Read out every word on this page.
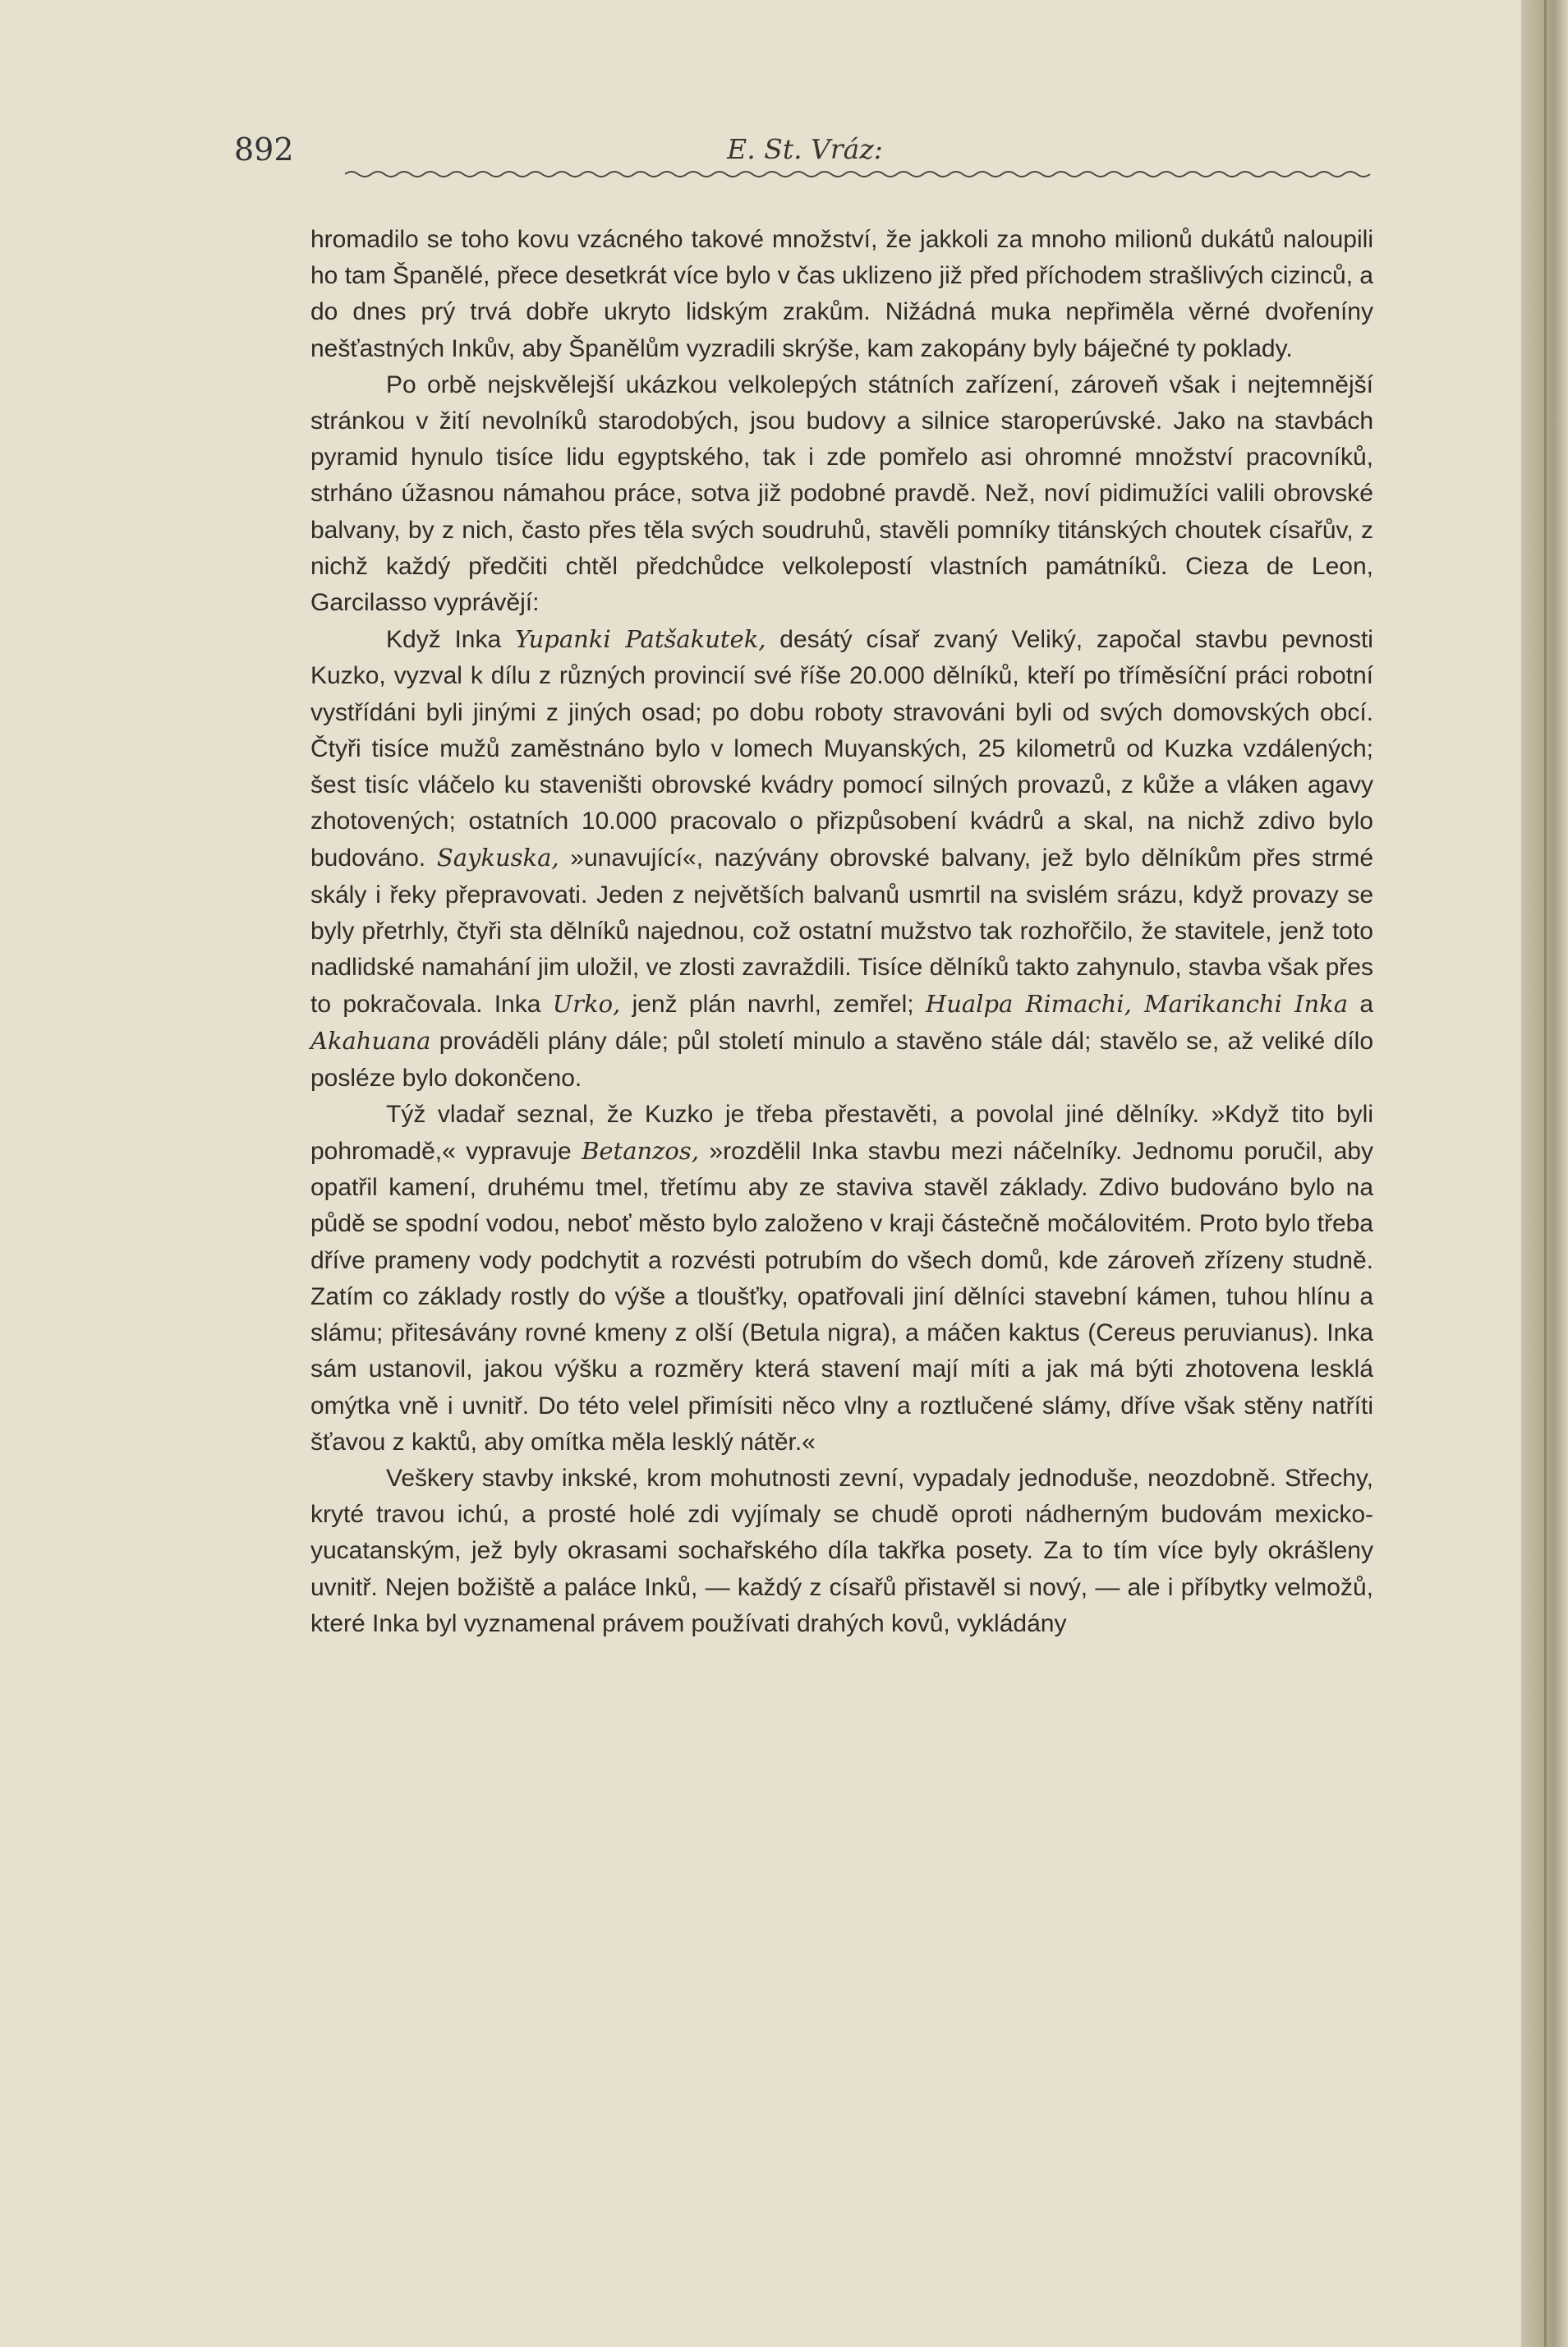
892	E. St. Vráz:

hromadilo se toho kovu vzácného takové množství, že jakkoli za mnoho milionů dukátů naloupili ho tam Španělé, přece desetkrát více bylo v čas uklizeno již před příchodem strašlivých cizinců, a do dnes prý trvá dobře ukryto lidským zrakům. Nižádná muka nepřiměla věrné dvořeníny nešťastných Inkův, aby Španělům vyzradili skrýše, kam zakopány byly báječné ty poklady.

Po orbě nejskvělejší ukázkou velkolepých státních zařízení, zároveň však i nejtemnější stránkou v žití nevolníků starodobých, jsou budovy a silnice staroperúvské. Jako na stavbách pyramid hynulo tisíce lidu egyptského, tak i zde pomřelo asi ohromné množství pracovníků, strháno úžasnou námahou práce, sotva již podobné pravdě. Než, noví pidimužíci valili obrovské balvany, by z nich, často přes těla svých soudruhů, stavěli pomníky titánských choutek císařův, z nichž každý předčiti chtěl předchůdce velkolepostí vlastních památníků. Cieza de Leon, Garcilasso vyprávějí:

Když Inka Yupanki Patšakutek, desátý císař zvaný Veliký, započal stavbu pevnosti Kuzko, vyzval k dílu z různých provincií své říše 20.000 dělníků, kteří po tříměsíční práci robotní vystřídáni byli jinými z jiných osad; po dobu roboty stravováni byli od svých domovských obcí. Čtyři tisíce mužů zaměstnáno bylo v lomech Muyanských, 25 kilometrů od Kuzka vzdálených; šest tisíc vláčelo ku staveništi obrovské kvádry pomocí silných provazů, z kůže a vláken agavy zhotovených; ostatních 10.000 pracovalo o přizpůsobení kvádrů a skal, na nichž zdivo bylo budováno. Saykuska, »unavující«, nazývány obrovské balvany, jež bylo dělníkům přes strmé skály i řeky přepravovati. Jeden z největších balvanů usmrtil na svislém srázu, když provazy se byly přetrhly, čtyři sta dělníků najednou, což ostatní mužstvo tak rozhořčilo, že stavitele, jenž toto nadlidské namahání jim uložil, ve zlosti zavraždili. Tisíce dělníků takto zahynulo, stavba však přes to pokračovala. Inka Urko, jenž plán navrhl, zemřel; Hualpa Rimachi, Marikanchi Inka a Akahuana prováděli plány dále; půl století minulo a stavěno stále dál; stavělo se, až veliké dílo posléze bylo dokončeno.

Týž vladař seznal, že Kuzko je třeba přestavěti, a povolal jiné dělníky. »Když tito byli pohromadě,« vypravuje Betanzos, »rozdělil Inka stavbu mezi náčelníky. Jednomu poručil, aby opatřil kamení, druhému tmel, třetímu aby ze staviva stavěl základy. Zdivo budováno bylo na půdě se spodní vodou, neboť město bylo založeno v kraji částečně močálovitém. Proto bylo třeba dříve prameny vody podchytit a rozvésti potrubím do všech domů, kde zároveň zřízeny studně. Zatím co základy rostly do výše a tloušťky, opatřovali jiní dělníci stavební kámen, tuhou hlínu a slámu; přitesávány rovné kmeny z olší (Betula nigra), a máčen kaktus (Cereus peruvianus). Inka sám ustanovil, jakou výšku a rozměry která stavení mají míti a jak má býti zhotovena lesklá omýtka vně i uvnitř. Do této velel přimísiti něco vlny a roztlučené slámy, dříve však stěny natříti šťavou z kaktů, aby omítka měla lesklý nátěr.«

Veškery stavby inkské, krom mohutnosti zevní, vypadaly jednoduše, neozdobně. Střechy, kryté travou ichú, a prosté holé zdi vyjímaly se chudě oproti nádherným budovám mexicko-yucatanským, jež byly okrasami sochařského díla takřka posety. Za to tím více byly okrášleny uvnitř. Nejen božiště a paláce Inků, — každý z císařů přistavěl si nový, — ale i příbytky velmožů, které Inka byl vyznamenal právem používati drahých kovů, vykládány
